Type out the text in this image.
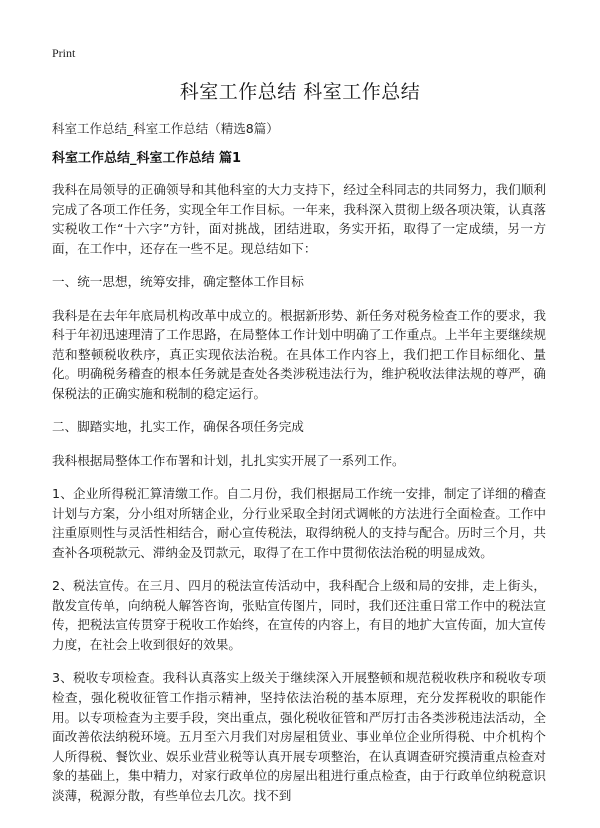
Print
科室工作总结 科室工作总结
科室工作总结_科室工作总结（精选8篇）
科室工作总结_科室工作总结 篇1

我科在局领导的正确领导和其他科室的大力支持下，经过全科同志的共同努力，我们顺利完成了各项工作任务，实现全年工作目标。一年来，我科深入贯彻上级各项决策，认真落实税收工作“十六字”方针，面对挑战，团结进取，务实开拓，取得了一定成绩，另一方面，在工作中，还存在一些不足。现总结如下：

一、统一思想，统筹安排，确定整体工作目标

我科是在去年年底局机构改革中成立的。根据新形势、新任务对税务检查工作的要求，我科于年初迅速理清了工作思路，在局整体工作计划中明确了工作重点。上半年主要继续规范和整顿税收秩序，真正实现依法治税。在具体工作内容上，我们把工作目标细化、量化。明确税务稽查的根本任务就是查处各类涉税违法行为，维护税收法律法规的尊严，确保税法的正确实施和税制的稳定运行。

二、脚踏实地，扎实工作，确保各项任务完成

我科根据局整体工作布署和计划，扎扎实实开展了一系列工作。

1、企业所得税汇算清缴工作。自二月份，我们根据局工作统一安排，制定了详细的稽查计划与方案，分小组对所辖企业，分行业采取全封闭式调帐的方法进行全面检查。工作中注重原则性与灵活性相结合，耐心宣传税法，取得纳税人的支持与配合。历时三个月，共查补各项税款元、滞纳金及罚款元，取得了在工作中贯彻依法治税的明显成效。

2、税法宣传。在三月、四月的税法宣传活动中，我科配合上级和局的安排，走上街头，散发宣传单，向纳税人解答咨询，张贴宣传图片，同时，我们还注重日常工作中的税法宣传，把税法宣传贯穿于税收工作始终，在宣传的内容上，有目的地扩大宣传面，加大宣传力度，在社会上收到很好的效果。

3、税收专项检查。我科认真落实上级关于继续深入开展整顿和规范税收秩序和税收专项检查，强化税收征管工作指示精神，坚持依法治税的基本原理，充分发挥税收的职能作用。以专项检查为主要手段，突出重点，强化税收征管和严厉打击各类涉税违法活动，全面改善依法纳税环境。五月至六月我们对房屋租赁业、事业单位企业所得税、中介机构个人所得税、餐饮业、娱乐业营业税等认真开展专项整治，在认真调查研究摸清重点检查对象的基础上，集中精力，对家行政单位的房屋出租进行重点检查，由于行政单位纳税意识淡薄，税源分散，有些单位去几次。找不到
